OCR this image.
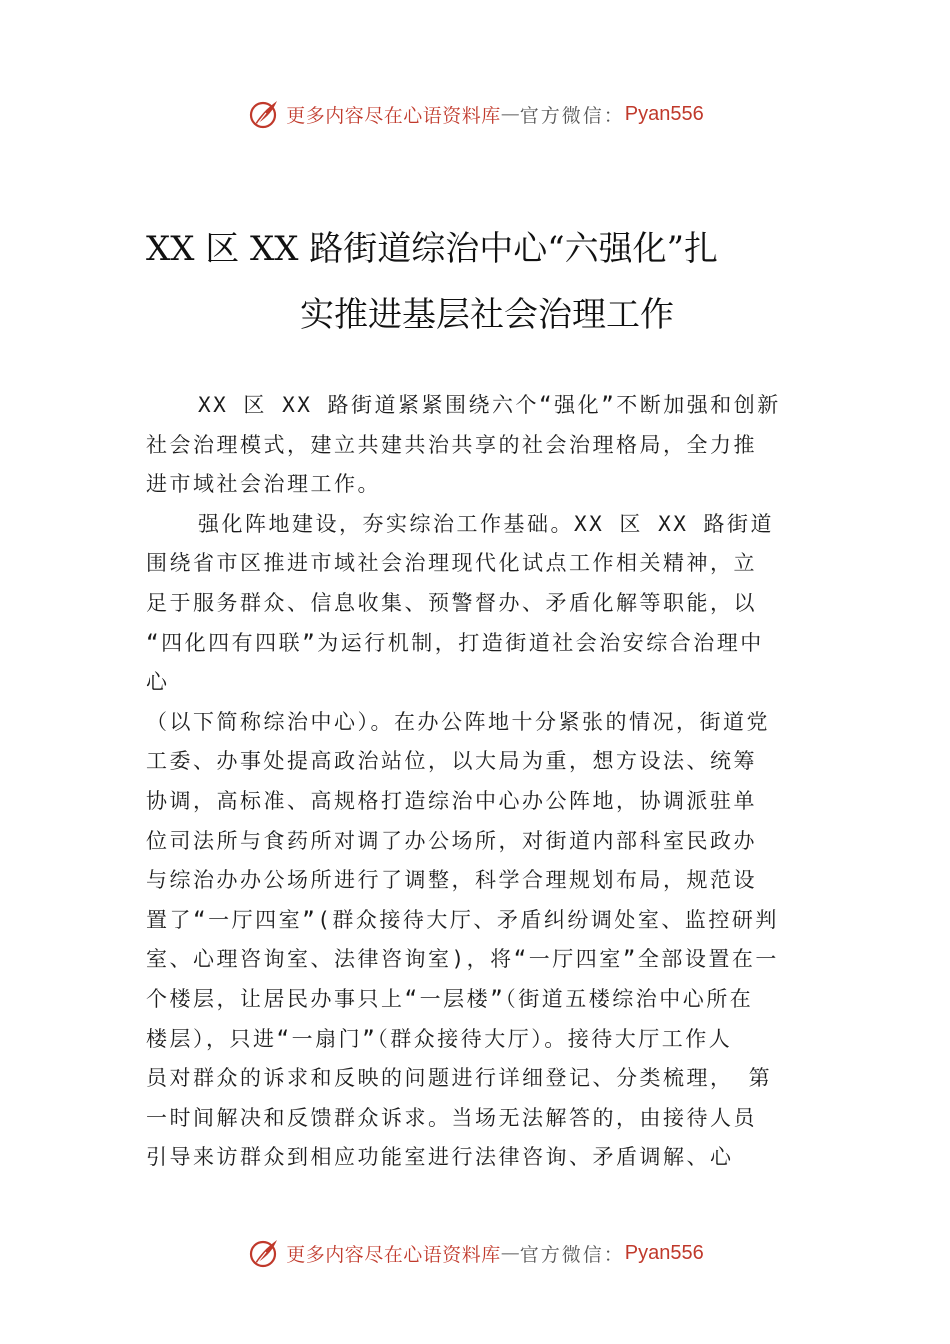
更多内容尽在心语资料库 — 官方微信： Pyan556
XX 区 XX 路街道综治中心“六强化”扎
实推进基层社会治理工作
XX 区 XX 路街道紧紧围绕六个“强化”不断加强和创新
社会治理模式，建立共建共治共享的社会治理格局，全力推
进市域社会治理工作。
强化阵地建设，夯实综治工作基础。XX 区 XX 路街道
围绕省市区推进市域社会治理现代化试点工作相关精神，立
足于服务群众、信息收集、预警督办、矛盾化解等职能，以
“四化四有四联”为运行机制，打造街道社会治安综合治理中
心
（以下简称综治中心）。在办公阵地十分紧张的情况，街道党
工委、办事处提高政治站位，以大局为重，想方设法、统筹
协调，高标准、高规格打造综治中心办公阵地，协调派驻单
位司法所与食药所对调了办公场所，对街道内部科室民政办
与综治办办公场所进行了调整，科学合理规划布局，规范设
置了“一厅四室”(群众接待大厅、矛盾纠纷调处室、监控研判
室、心理咨询室、法律咨询室)，将“一厅四室”全部设置在一
个楼层，让居民办事只上“一层楼”（街道五楼综治中心所在
楼层），只进“一扇门”（群众接待大厅）。接待大厅工作人
员对群众的诉求和反映的问题进行详细登记、分类梳理， 第
一时间解决和反馈群众诉求。当场无法解答的，由接待人员
引导来访群众到相应功能室进行法律咨询、矛盾调解、心
更多内容尽在心语资料库 — 官方微信： Pyan556
